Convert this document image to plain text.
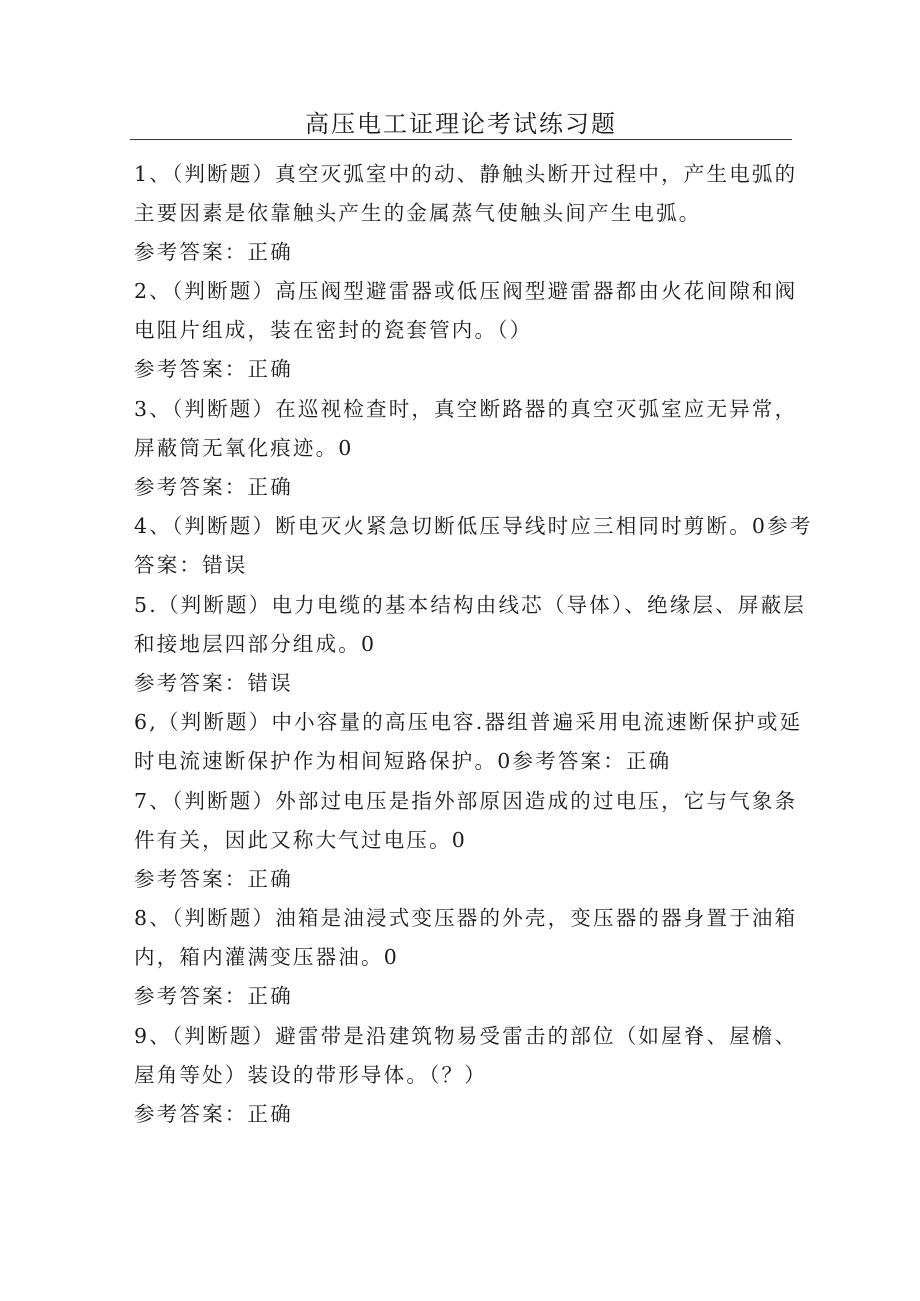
高压电工证理论考试练习题
1、（判断题）真空灭弧室中的动、静触头断开过程中，产生电弧的
主要因素是依靠触头产生的金属蒸气使触头间产生电弧。
参考答案：正确
2、（判断题）高压阀型避雷器或低压阀型避雷器都由火花间隙和阀
电阻片组成，装在密封的瓷套管内。（）
参考答案：正确
3、（判断题）在巡视检查时，真空断路器的真空灭弧室应无异常，
屏蔽筒无氧化痕迹。0
参考答案：正确
4、（判断题）断电灭火紧急切断低压导线时应三相同时剪断。0参考
答案：错误
5.（判断题）电力电缆的基本结构由线芯（导体）、绝缘层、屏蔽层
和接地层四部分组成。0
参考答案：错误
6,（判断题）中小容量的高压电容.器组普遍采用电流速断保护或延
时电流速断保护作为相间短路保护。0参考答案：正确
7、（判断题）外部过电压是指外部原因造成的过电压，它与气象条
件有关，因此又称大气过电压。0
参考答案：正确
8、（判断题）油箱是油浸式变压器的外壳，变压器的器身置于油箱
内，箱内灌满变压器油。0
参考答案：正确
9、（判断题）避雷带是沿建筑物易受雷击的部位（如屋脊、屋檐、
屋角等处）装设的带形导体。（？）
参考答案：正确
